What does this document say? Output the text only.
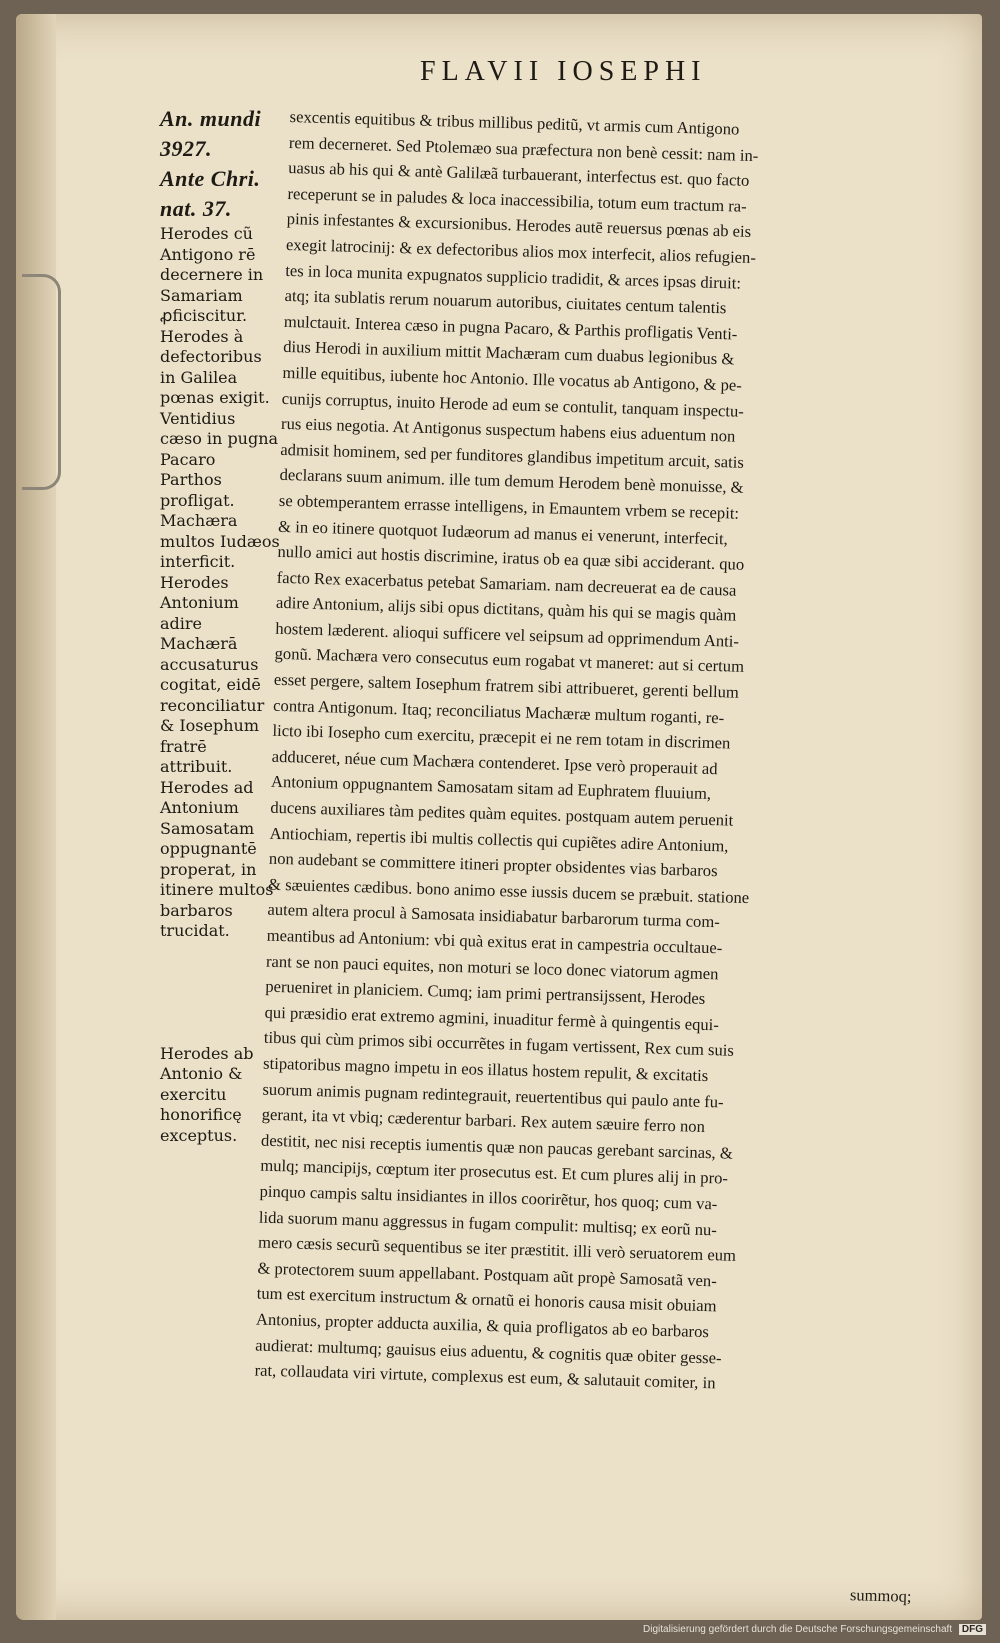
FLAVII IOSEPHI
An. mundi
3927.
Ante Chri.
nat. 37.

Herodes cũ Antigono rē decernere in Samariam ꝓficiscitur.

Herodes à defectoribus in Galilea pœnas exigit.

Ventidius cæso in pugna Pacaro Parthos profligat.

Machæra multos Iudæos interficit.

Herodes Antonium adire Machærā accusaturus cogitat, eidē reconciliatur & Iosephum fratrē attribuit.

Herodes ad Antonium Samosatam oppugnantē properat, in itinere multos barbaros trucidat.

Herodes ab Antonio & exercitu honorificę exceptus.

sexcentis equitibus & tribus millibus peditũ, vt armis cum Antigono
rem decerneret. Sed Ptolemæo sua præfectura non benè cessit: nam in-
uasus ab his qui & antè Galilæã turbauerant, interfectus est. quo facto
receperunt se in paludes & loca inaccessibilia, totum eum tractum ra-
pinis infestantes & excursionibus. Herodes autē reuersus pœnas ab eis
exegit latrocinij: & ex defectoribus alios mox interfecit, alios refugien-
tes in loca munita expugnatos supplicio tradidit, & arces ipsas diruit:
atq; ita sublatis rerum nouarum autoribus, ciuitates centum talentis
mulctauit. Interea cæso in pugna Pacaro, & Parthis profligatis Venti-
dius Herodi in auxilium mittit Machæram cum duabus legionibus &
mille equitibus, iubente hoc Antonio. Ille vocatus ab Antigono, & pe-
cunijs corruptus, inuito Herode ad eum se contulit, tanquam inspectu-
rus eius negotia. At Antigonus suspectum habens eius aduentum non
admisit hominem, sed per funditores glandibus impetitum arcuit, satis
declarans suum animum. ille tum demum Herodem benè monuisse, &
se obtemperantem errasse intelligens, in Emauntem vrbem se recepit:
& in eo itinere quotquot Iudæorum ad manus ei venerunt, interfecit,
nullo amici aut hostis discrimine, iratus ob ea quæ sibi acciderant. quo
facto Rex exacerbatus petebat Samariam. nam decreuerat ea de causa
adire Antonium, alijs sibi opus dictitans, quàm his qui se magis quàm
hostem læderent. alioqui sufficere vel seipsum ad opprimendum Anti-
gonũ. Machæra vero consecutus eum rogabat vt maneret: aut si certum
esset pergere, saltem Iosephum fratrem sibi attribueret, gerenti bellum
contra Antigonum. Itaq; reconciliatus Machæræ multum roganti, re-
licto ibi Iosepho cum exercitu, præcepit ei ne rem totam in discrimen
adduceret, néue cum Machæra contenderet. Ipse verò properauit ad
Antonium oppugnantem Samosatam sitam ad Euphratem fluuium,
ducens auxiliares tàm pedites quàm equites. postquam autem peruenit
Antiochiam, repertis ibi multis collectis qui cupiẽtes adire Antonium,
non audebant se committere itineri propter obsidentes vias barbaros
& sæuientes cædibus. bono animo esse iussis ducem se præbuit. statione
autem altera procul à Samosata insidiabatur barbarorum turma com-
meantibus ad Antonium: vbi quà exitus erat in campestria occultaue-
rant se non pauci equites, non moturi se loco donec viatorum agmen
perueniret in planiciem. Cumq; iam primi pertransijssent, Herodes
qui præsidio erat extremo agmini, inuaditur fermè à quingentis equi-
tibus qui cùm primos sibi occurrẽtes in fugam vertissent, Rex cum suis
stipatoribus magno impetu in eos illatus hostem repulit, & excitatis
suorum animis pugnam redintegrauit, reuertentibus qui paulo ante fu-
gerant, ita vt vbiq; cæderentur barbari. Rex autem sæuire ferro non
destitit, nec nisi receptis iumentis quæ non paucas gerebant sarcinas, &
mulq; mancipijs, cœptum iter prosecutus est. Et cum plures alij in pro-
pinquo campis saltu insidiantes in illos coorirẽtur, hos quoq; cum va-
lida suorum manu aggressus in fugam compulit: multisq; ex eorũ nu-
mero cæsis securũ sequentibus se iter præstitit. illi verò seruatorem eum
& protectorem suum appellabant. Postquam aũt propè Samosatã ven-
tum est exercitum instructum & ornatũ ei honoris causa misit obuiam
Antonius, propter adducta auxilia, & quia profligatos ab eo barbaros
audierat: multumq; gauisus eius aduentu, & cognitis quæ obiter gesse-
rat, collaudata viri virtute, complexus est eum, & salutauit comiter, in
summoq;
Digitalisierung gefördert durch die Deutsche Forschungsgemeinschaft DFG
